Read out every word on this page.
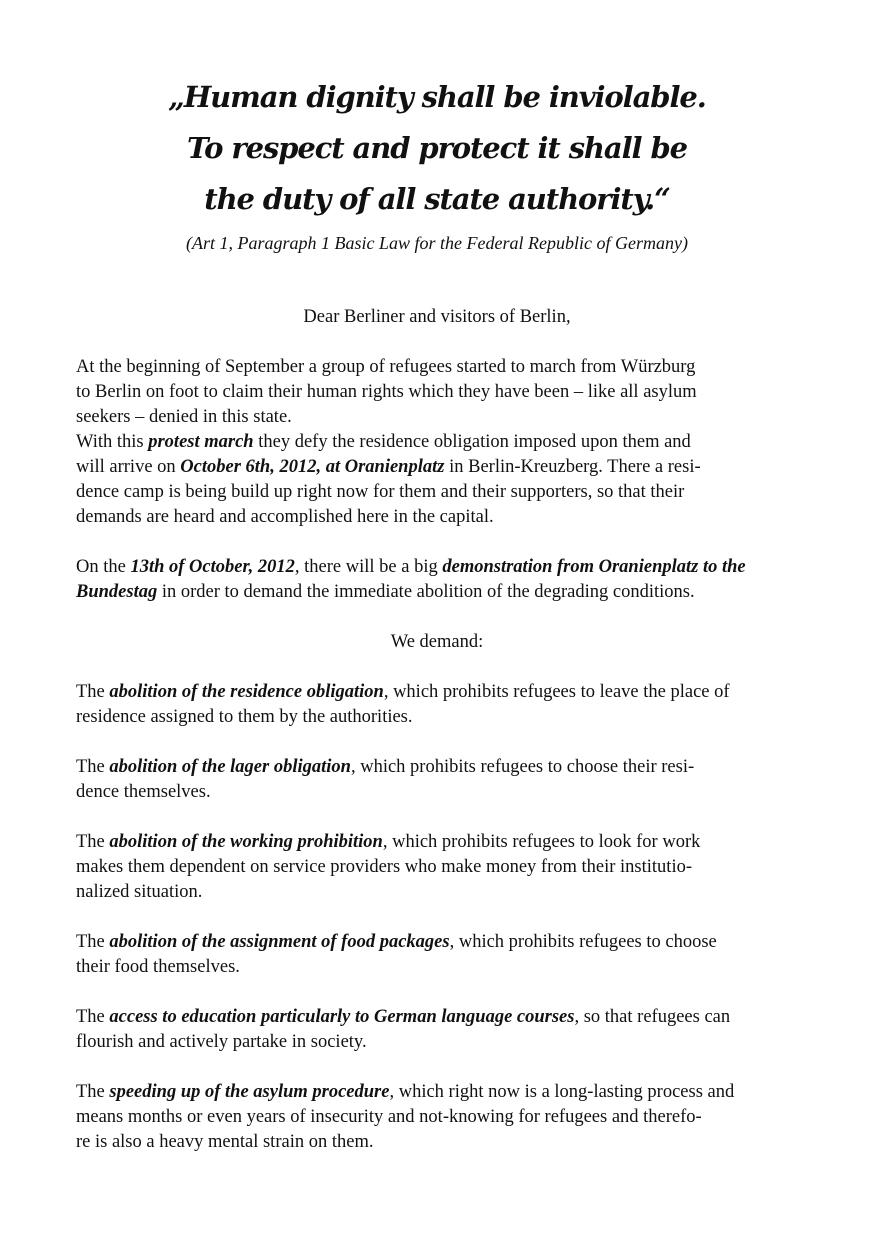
„Human dignity shall be inviolable.
To respect and protect it shall be
the duty of all state authority.“

(Art 1, Paragraph 1 Basic Law for the Federal Republic of Germany)

Dear Berliner and visitors of Berlin,

At the beginning of September a group of refugees started to march from Würzburg
to Berlin on foot to claim their human rights which they have been – like all asylum
seekers – denied in this state.

With this protest march they defy the residence obligation imposed upon them and
will arrive on October 6th, 2012, at Oranienplatz in Berlin-Kreuzberg. There a resi-
dence camp is being build up right now for them and their supporters, so that their
demands are heard and accomplished here in the capital.

On the 13th of October, 2012, there will be a big demonstration from Oranienplatz to the
Bundestag in order to demand the immediate abolition of the degrading conditions.

We demand:

The abolition of the residence obligation, which prohibits refugees to leave the place of
residence assigned to them by the authorities.

The abolition of the lager obligation, which prohibits refugees to choose their resi-
dence themselves.

The abolition of the working prohibition, which prohibits refugees to look for work
makes them dependent on service providers who make money from their institutio-
nalized situation.

The abolition of the assignment of food packages, which prohibits refugees to choose
their food themselves.

The access to education particularly to German language courses, so that refugees can
flourish and actively partake in society.

The speeding up of the asylum procedure, which right now is a long-lasting process and
means months or even years of insecurity and not-knowing for refugees and therefo-
re is also a heavy mental strain on them.
